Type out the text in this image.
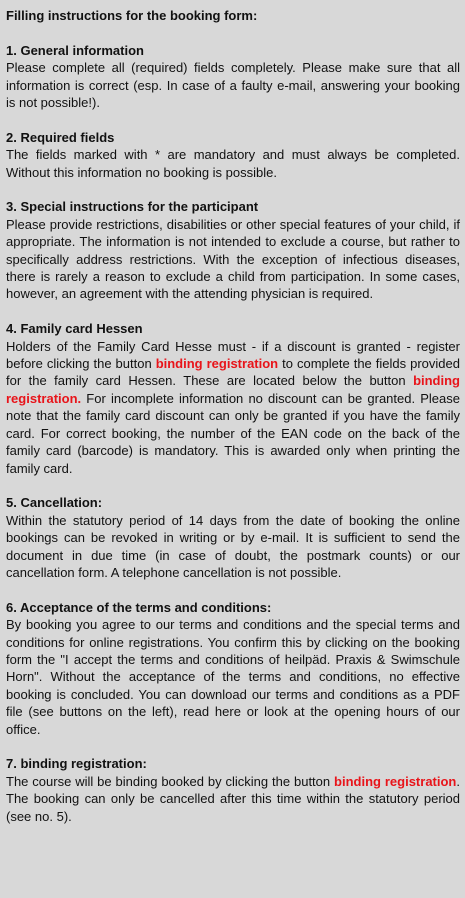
Filling instructions for the booking form:

1. General information

Please complete all (required) fields completely. Please make sure that all information is correct (esp. In case of a faulty e-mail, answering your booking is not possible!).

2. Required fields

The fields marked with * are mandatory and must always be completed. Without this information no booking is possible.

3. Special instructions for the participant

Please provide restrictions, disabilities or other special features of your child, if appropriate. The information is not intended to exclude a course, but rather to specifically address restrictions. With the exception of infectious diseases, there is rarely a reason to exclude a child from participation. In some cases, however, an agreement with the attending physician is required.

4. Family card Hessen

Holders of the Family Card Hesse must - if a discount is granted - register before clicking the button binding registration to complete the fields provided for the family card Hessen. These are located below the button binding registration. For incomplete information no discount can be granted. Please note that the family card discount can only be granted if you have the family card. For correct booking, the number of the EAN code on the back of the family card (barcode) is mandatory. This is awarded only when printing the family card.

5. Cancellation:

Within the statutory period of 14 days from the date of booking the online bookings can be revoked in writing or by e-mail. It is sufficient to send the document in due time (in case of doubt, the postmark counts) or our cancellation form. A telephone cancellation is not possible.

6. Acceptance of the terms and conditions:

By booking you agree to our terms and conditions and the special terms and conditions for online registrations. You confirm this by clicking on the booking form the "I accept the terms and conditions of heilpäd. Praxis & Swimschule Horn". Without the acceptance of the terms and conditions, no effective booking is concluded. You can download our terms and conditions as a PDF file (see buttons on the left), read here or look at the opening hours of our office.

7. binding registration:

The course will be binding booked by clicking the button binding registration. The booking can only be cancelled after this time within the statutory period (see no. 5).
